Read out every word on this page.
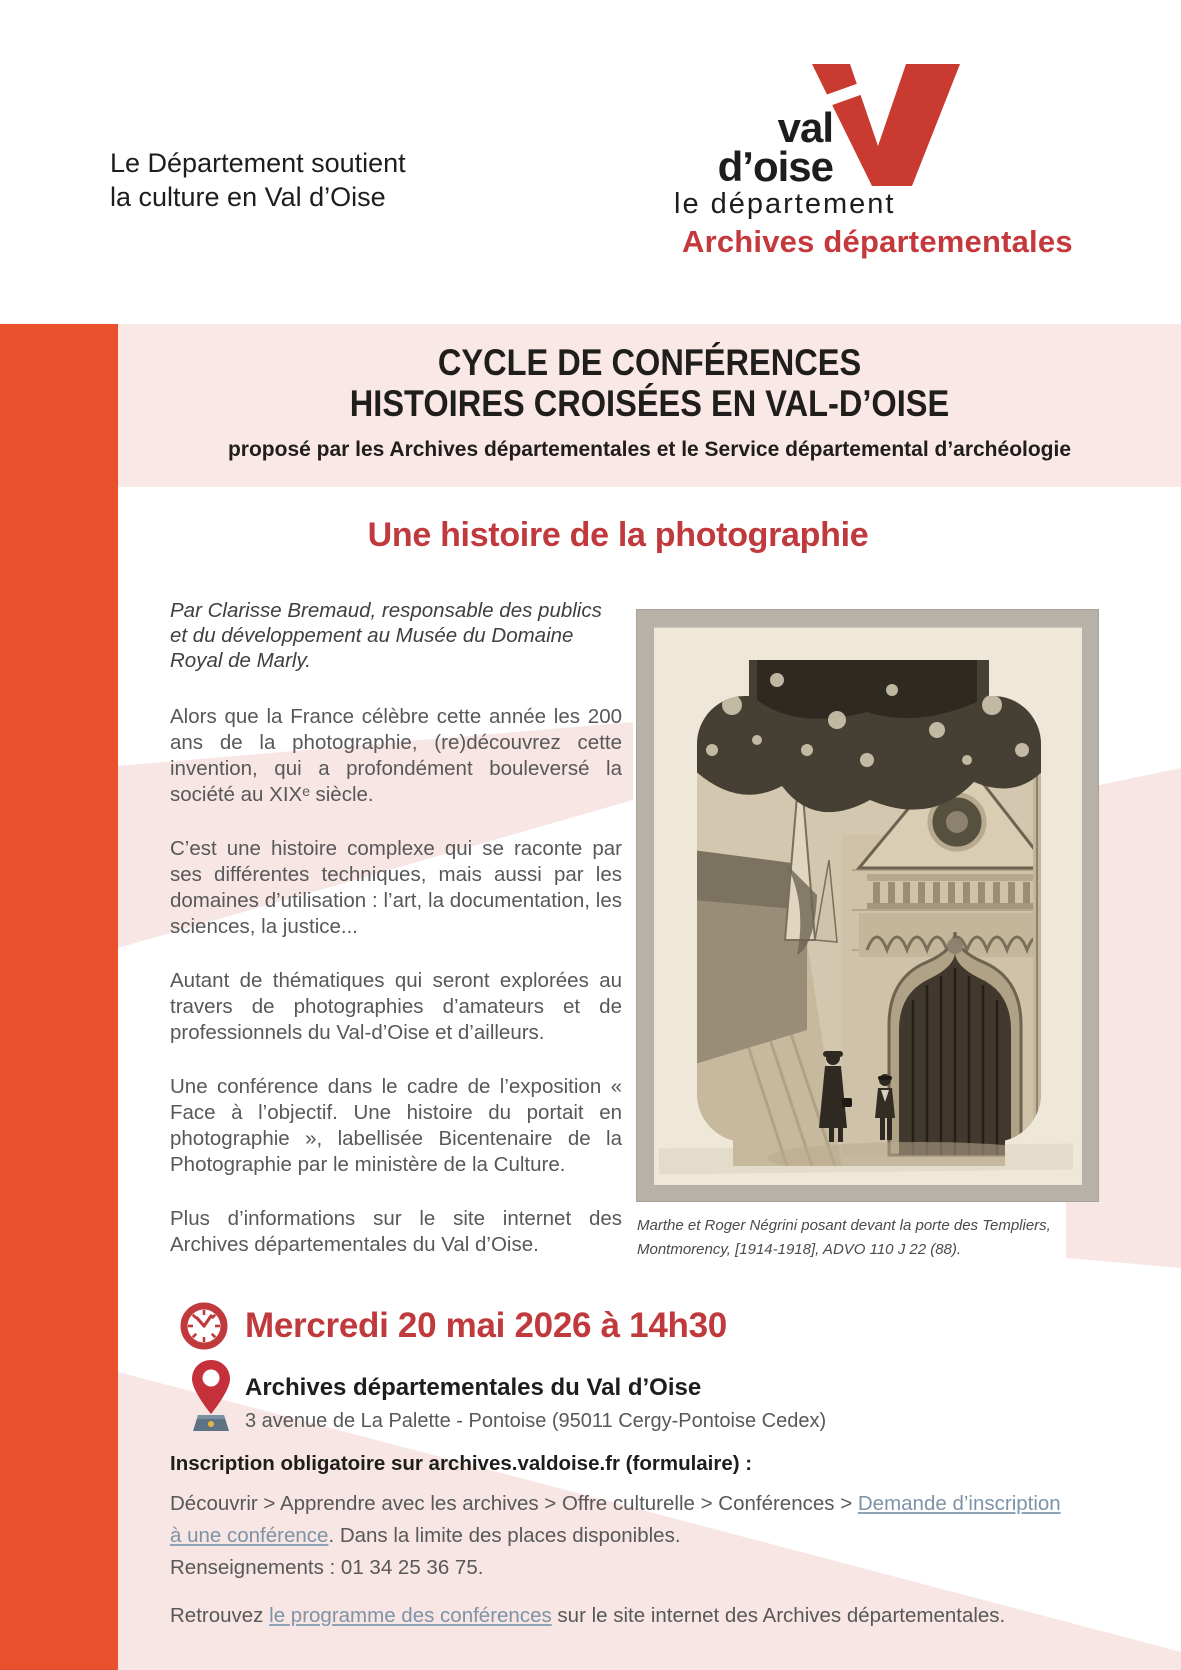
Le Département soutient
la culture en Val d’Oise
val
d’oise
le département
Archives départementales
CYCLE DE CONFÉRENCES
HISTOIRES CROISÉES EN VAL-D’OISE
proposé par les Archives départementales et le Service départemental d’archéologie
Une histoire de la photographie

Par Clarisse Bremaud, responsable des publics et du développement au Musée du Domaine Royal de Marly.

Alors que la France célèbre cette année les 200 ans de la photographie, (re)découvrez cette invention, qui a profondément bouleversé la société au XIXᵉ siècle.

C’est une histoire complexe qui se raconte par ses différentes techniques, mais aussi par les domaines d’utilisation : l’art, la documentation, les sciences, la justice...

Autant de thématiques qui seront explorées au travers de photographies d’amateurs et de professionnels du Val-d’Oise et d’ailleurs.

Une conférence dans le cadre de l’exposition « Face à l’objectif. Une histoire du portait en photographie », labellisée Bicentenaire de la Photographie par le ministère de la Culture.

Plus d’informations sur le site internet des Archives départementales du Val d’Oise.

Marthe et Roger Négrini posant devant la porte des Templiers, Montmorency, [1914-1918], ADVO 110 J 22 (88).
Mercredi 20 mai 2026 à 14h30
Archives départementales du Val d’Oise
3 avenue de La Palette - Pontoise (95011 Cergy-Pontoise Cedex)
Inscription obligatoire sur archives.valdoise.fr (formulaire) :
Découvrir > Apprendre avec les archives > Offre culturelle > Conférences > Demande d’inscription à une conférence. Dans la limite des places disponibles.
Renseignements : 01 34 25 36 75.
Retrouvez le programme des conférences sur le site internet des Archives départementales.
